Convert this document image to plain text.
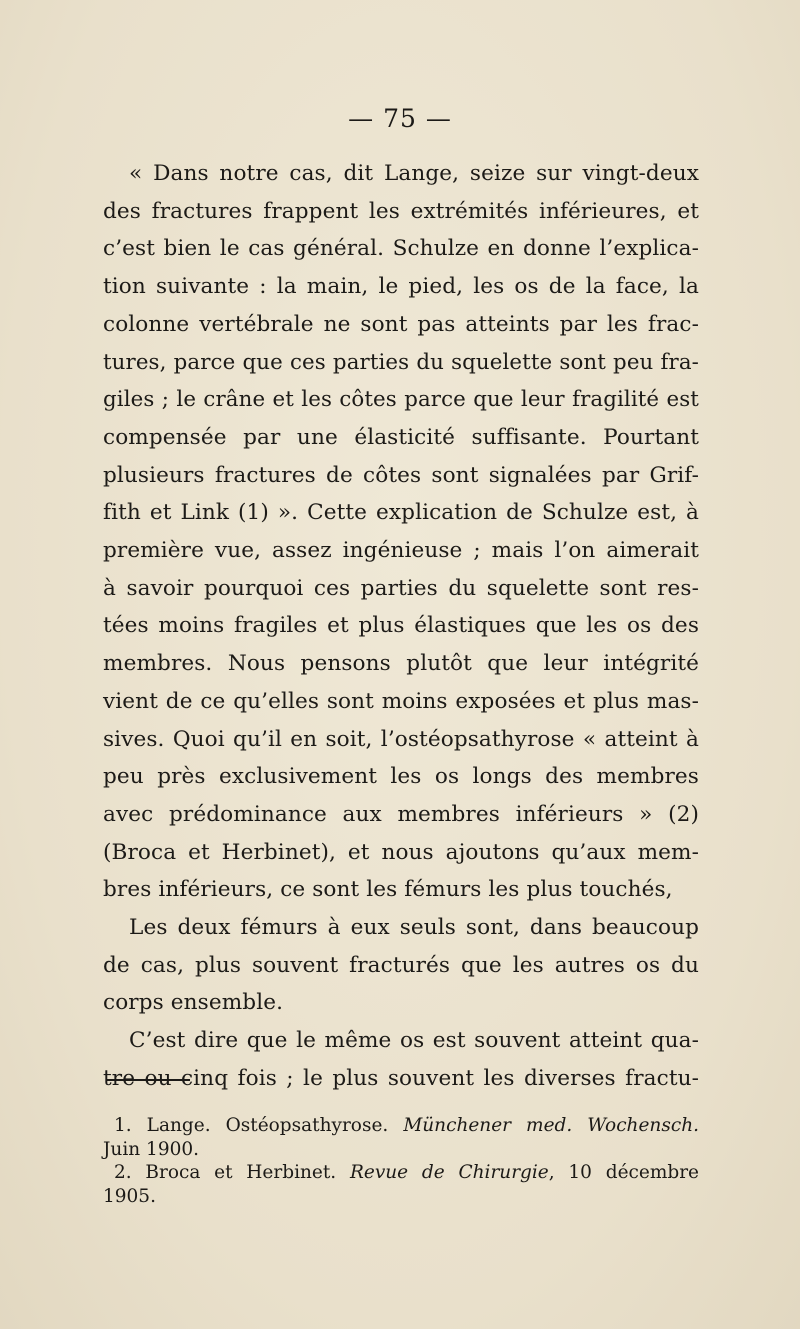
— 75 —

« Dans notre cas, dit Lange, seize sur vingt-deux

des fractures frappent les extrémités inférieures, et

c’est bien le cas général. Schulze en donne l’explica-

tion suivante : la main, le pied, les os de la face, la

colonne vertébrale ne sont pas atteints par les frac-

tures, parce que ces parties du squelette sont peu fra-

giles ; le crâne et les côtes parce que leur fragilité est

compensée par une élasticité suffisante. Pourtant

plusieurs fractures de côtes sont signalées par Grif-

fith et Link (1) ». Cette explication de Schulze est, à

première vue, assez ingénieuse ; mais l’on aimerait

à savoir pourquoi ces parties du squelette sont res-

tées moins fragiles et plus élastiques que les os des

membres. Nous pensons plutôt que leur intégrité

vient de ce qu’elles sont moins exposées et plus mas-

sives. Quoi qu’il en soit, l’ostéopsathyrose « atteint à

peu près exclusivement les os longs des membres

avec prédominance aux membres inférieurs » (2)

(Broca et Herbinet), et nous ajoutons qu’aux mem-

bres inférieurs, ce sont les fémurs les plus touchés,

Les deux fémurs à eux seuls sont, dans beaucoup

de cas, plus souvent fracturés que les autres os du

corps ensemble.

C’est dire que le même os est souvent atteint qua-

tre ou cinq fois ; le plus souvent les diverses fractu-

1. Lange. Ostéopsathyrose. Münchener med. Wochensch.

Juin 1900.

2. Broca et Herbinet. Revue de Chirurgie, 10 décembre

1905.
